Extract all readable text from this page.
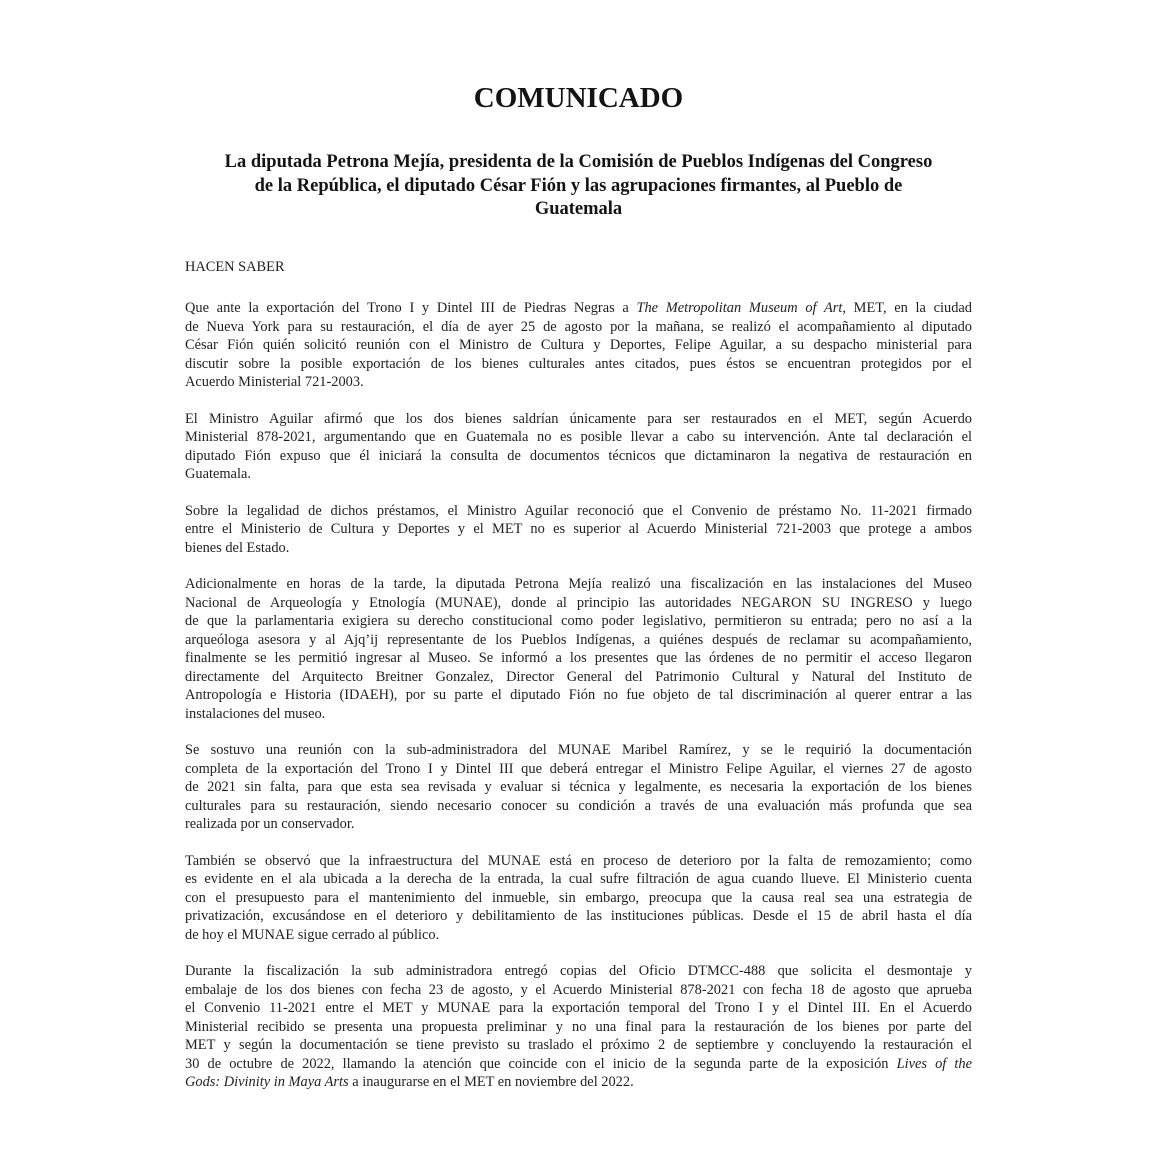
COMUNICADO
La diputada Petrona Mejía, presidenta de la Comisión de Pueblos Indígenas del Congreso
de la República, el diputado César Fión y las agrupaciones firmantes, al Pueblo de
Guatemala

HACEN SABER

Que ante la exportación del Trono I y Dintel III de Piedras Negras a The Metropolitan Museum of Art, MET, en la ciudad
de Nueva York para su restauración, el día de ayer 25 de agosto por la mañana, se realizó el acompañamiento al diputado
César Fión quién solicitó reunión con el Ministro de Cultura y Deportes, Felipe Aguilar, a su despacho ministerial para
discutir sobre la posible exportación de los bienes culturales antes citados, pues éstos se encuentran protegidos por el
Acuerdo Ministerial 721-2003.
El Ministro Aguilar afirmó que los dos bienes saldrían únicamente para ser restaurados en el MET, según Acuerdo
Ministerial 878-2021, argumentando que en Guatemala no es posible llevar a cabo su intervención. Ante tal declaración el
diputado Fión expuso que él iniciará la consulta de documentos técnicos que dictaminaron la negativa de restauración en
Guatemala.
Sobre la legalidad de dichos préstamos, el Ministro Aguilar reconoció que el Convenio de préstamo No. 11-2021 firmado
entre el Ministerio de Cultura y Deportes y el MET no es superior al Acuerdo Ministerial 721-2003 que protege a ambos
bienes del Estado.
Adicionalmente en horas de la tarde, la diputada Petrona Mejía realizó una fiscalización en las instalaciones del Museo
Nacional de Arqueología y Etnología (MUNAE), donde al principio las autoridades NEGARON SU INGRESO y luego
de que la parlamentaria exigiera su derecho constitucional como poder legislativo, permitieron su entrada; pero no así a la
arqueóloga asesora y al Ajq’ij representante de los Pueblos Indígenas, a quiénes después de reclamar su acompañamiento,
finalmente se les permitió ingresar al Museo. Se informó a los presentes que las órdenes de no permitir el acceso llegaron
directamente del Arquitecto Breitner Gonzalez, Director General del Patrimonio Cultural y Natural del Instituto de
Antropología e Historia (IDAEH), por su parte el diputado Fión no fue objeto de tal discriminación al querer entrar a las
instalaciones del museo.
Se sostuvo una reunión con la sub-administradora del MUNAE Maribel Ramírez, y se le requirió la documentación
completa de la exportación del Trono I y Dintel III que deberá entregar el Ministro Felipe Aguilar, el viernes 27 de agosto
de 2021 sin falta, para que esta sea revisada y evaluar si técnica y legalmente, es necesaria la exportación de los bienes
culturales para su restauración, siendo necesario conocer su condición a través de una evaluación más profunda que sea
realizada por un conservador.
También se observó que la infraestructura del MUNAE está en proceso de deterioro por la falta de remozamiento; como
es evidente en el ala ubicada a la derecha de la entrada, la cual sufre filtración de agua cuando llueve. El Ministerio cuenta
con el presupuesto para el mantenimiento del inmueble, sin embargo, preocupa que la causa real sea una estrategia de
privatización, excusándose en el deterioro y debilitamiento de las instituciones públicas. Desde el 15 de abril hasta el día
de hoy el MUNAE sigue cerrado al público.
Durante la fiscalización la sub administradora entregó copias del Oficio DTMCC-488 que solicita el desmontaje y
embalaje de los dos bienes con fecha 23 de agosto, y el Acuerdo Ministerial 878-2021 con fecha 18 de agosto que aprueba
el Convenio 11-2021 entre el MET y MUNAE para la exportación temporal del Trono I y el Dintel III. En el Acuerdo
Ministerial recibido se presenta una propuesta preliminar y no una final para la restauración de los bienes por parte del
MET y según la documentación se tiene previsto su traslado el próximo 2 de septiembre y concluyendo la restauración el
30 de octubre de 2022, llamando la atención que coincide con el inicio de la segunda parte de la exposición Lives of the
Gods: Divinity in Maya Arts a inaugurarse en el MET en noviembre del 2022.
